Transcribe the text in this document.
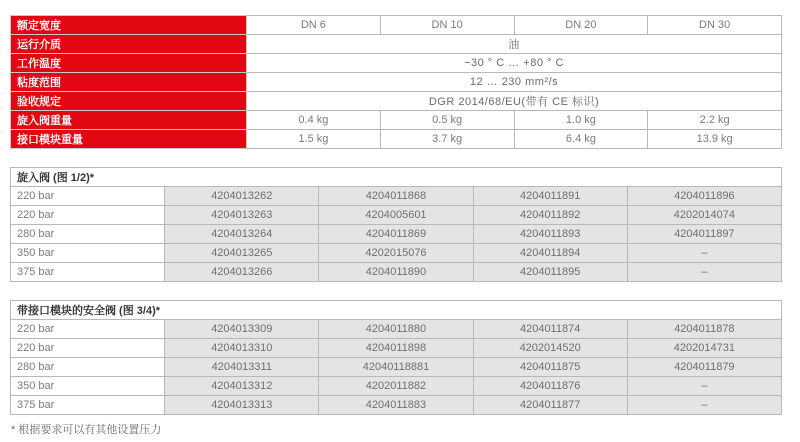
额定宽度	DN 6	DN 10	DN 20	DN 30
运行介质	油			
工作温度	−30 ° C … +80 ° C			
粘度范围	12 … 230 mm²/s			
验收规定	DGR 2014/68/EU(带有 CE 标识)			
旋入阀重量	0.4 kg	0.5 kg	1.0 kg	2.2 kg
接口模块重量	1.5 kg	3.7 kg	6.4 kg	13.9 kg
旋入阀 (图 1/2)*				
220 bar	4204013262	4204011868	4204011891	4204011896
220 bar	4204013263	4204005601	4204011892	4202014074
280 bar	4204013264	4204011869	4204011893	4204011897
350 bar	4204013265	4202015076	4204011894	–
375 bar	4204013266	4204011890	4204011895	–
带接口模块的安全阀 (图 3/4)*				
220 bar	4204013309	4204011880	4204011874	4204011878
220 bar	4204013310	4204011898	4202014520	4202014731
280 bar	4204013311	42040118881	4204011875	4204011879
350 bar	4204013312	4202011882	4204011876	–
375 bar	4204013313	4204011883	4204011877	–
* 根据要求可以有其他设置压力
